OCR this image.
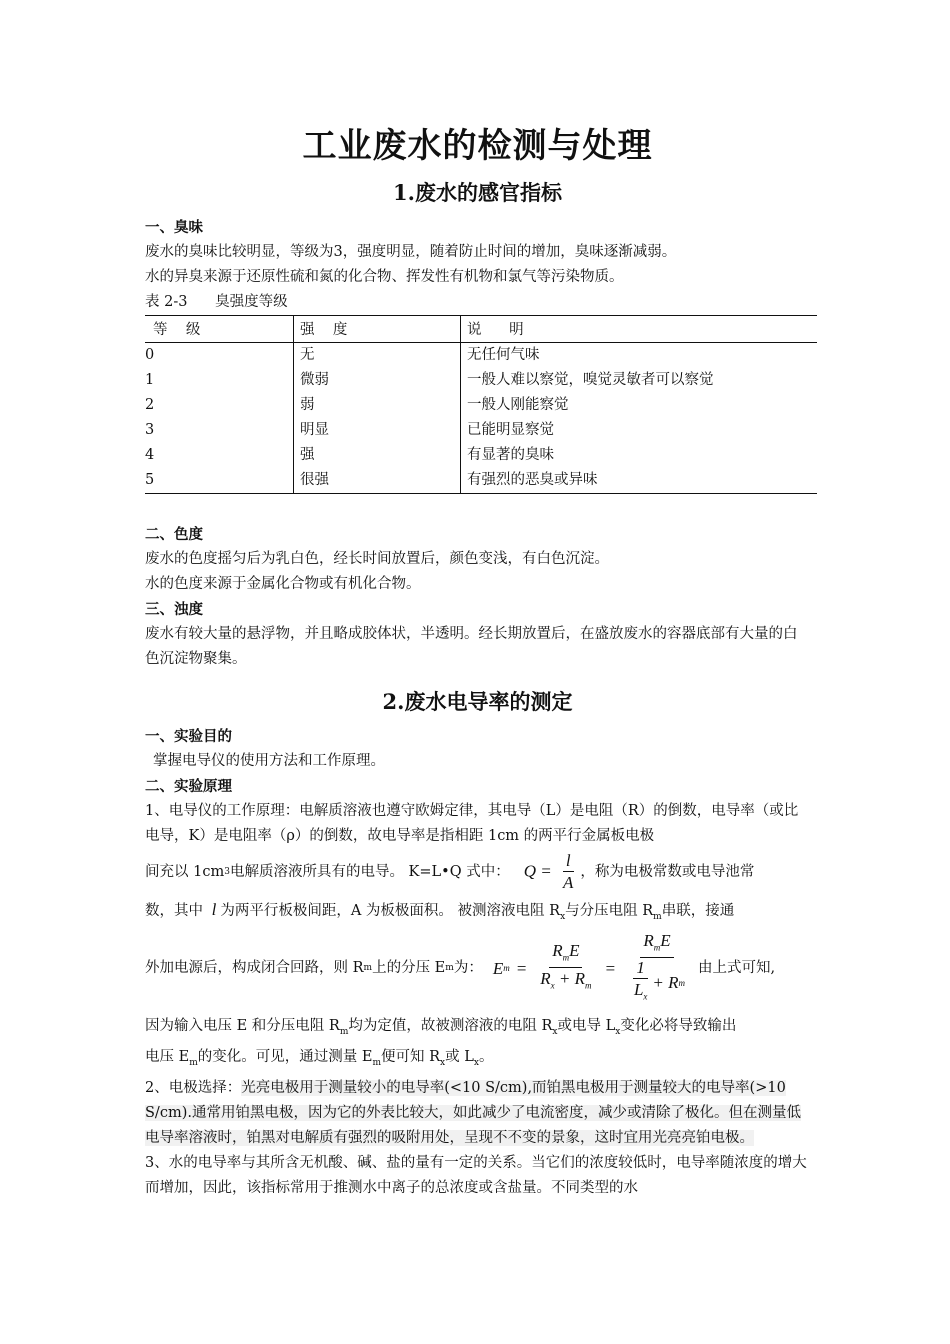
工业废水的检测与处理
1.废水的感官指标
一、臭味
废水的臭味比较明显，等级为3，强度明显，随着防止时间的增加，臭味逐渐减弱。
水的异臭来源于还原性硫和氮的化合物、挥发性有机物和氯气等污染物质。
表 2-3      臭强度等级
等    级	强    度	说      明
0	无	无任何气味
1	微弱	一般人难以察觉，嗅觉灵敏者可以察觉
2	弱	一般人刚能察觉
3	明显	已能明显察觉
4	强	有显著的臭味
5	很强	有强烈的恶臭或异味
二、色度
废水的色度摇匀后为乳白色，经长时间放置后，颜色变浅，有白色沉淀。
水的色度来源于金属化合物或有机化合物。
三、浊度
废水有较大量的悬浮物，并且略成胶体状，半透明。经长期放置后，在盛放废水的容器底部有大量的白色沉淀物聚集。
2.废水电导率的测定
一、实验目的
掌握电导仪的使用方法和工作原理。
二、实验原理
1、电导仪的工作原理：电解质溶液也遵守欧姆定律，其电导（L）是电阻（R）的倒数，电导率（或比电导，K）是电阻率（ρ）的倒数，故电导率是指相距 1cm 的两平行金属板电极
间充以 1cm 3 电解质溶液所具有的电导。 K=L•Q 式中： $Q = \frac{l}{A}$ ，称为电极常数或电导池常
数，其中 l 为两平行板极间距，A 为板极面积。 被测溶液电阻 $R_x$与分压电阻 $R_m$串联，接通
外加电源后，构成闭合回路，则 R m 上的分压 E m 为： E $m = \frac{R_mE}{R_x + R_m} = \frac{R_mE}{\frac{1}{L_x} + R m}$ 由上式可知,
因为输入电压 E 和分压电阻 $R_m$均为定值，故被测溶液的电阻 $R_x$或电导 $L_x$变化必将导致输出
电压 $E_m$的变化。可见，通过测量 $E_m$便可知 $R_x$或 $L_x$。
2、电极选择：光亮电极用于测量较小的电导率(<10 S/cm),而铂黑电极用于测量较大的电导率(>10 S/cm).通常用铂黑电极，因为它的外表比较大，如此减少了电流密度，减少或清除了极化。但在测量低电导率溶液时，铂黑对电解质有强烈的吸附用处，呈现不不变的景象，这时宜用光亮亮铂电极。
3、水的电导率与其所含无机酸、碱、盐的量有一定的关系。当它们的浓度较低时，电导率随浓度的增大而增加，因此，该指标常用于推测水中离子的总浓度或含盐量。不同类型的水
